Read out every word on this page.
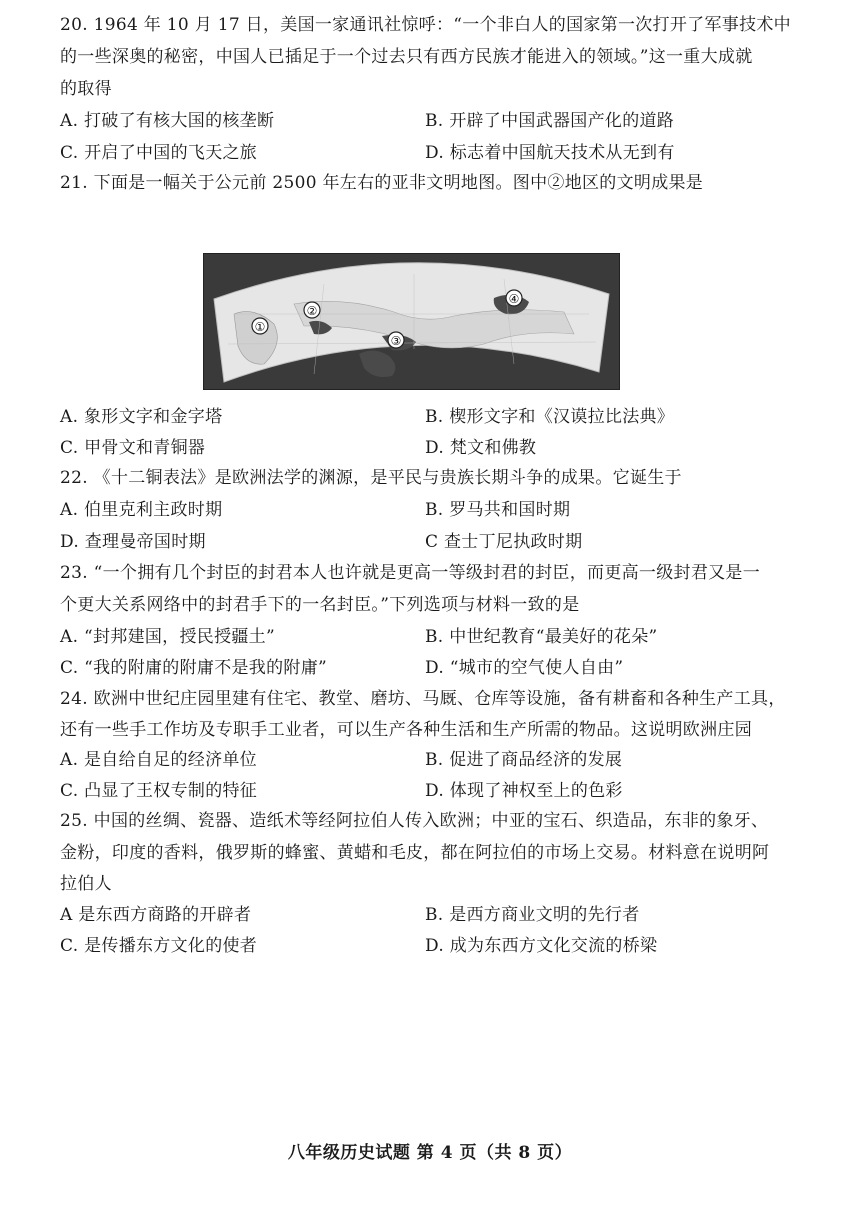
20. 1964 年 10 月 17 日，美国一家通讯社惊呼：“一个非白人的国家第一次打开了军事技术中
的一些深奥的秘密，中国人已插足于一个过去只有西方民族才能进入的领域。”这一重大成就
的取得
A. 打破了有核大国的核垄断	B. 开辟了中国武器国产化的道路
C. 开启了中国的飞天之旅	D. 标志着中国航天技术从无到有
21. 下面是一幅关于公元前 2500 年左右的亚非文明地图。图中②地区的文明成果是
①
②
③
④
A. 象形文字和金字塔	B. 楔形文字和《汉谟拉比法典》
C. 甲骨文和青铜器	D. 梵文和佛教
22. 《十二铜表法》是欧洲法学的渊源，是平民与贵族长期斗争的成果。它诞生于
A. 伯里克利主政时期	B. 罗马共和国时期
D. 查理曼帝国时期	C 查士丁尼执政时期
23. “一个拥有几个封臣的封君本人也许就是更高一等级封君的封臣，而更高一级封君又是一
个更大关系网络中的封君手下的一名封臣。”下列选项与材料一致的是
A. “封邦建国，授民授疆土”	B. 中世纪教育“最美好的花朵”
C. “我的附庸的附庸不是我的附庸”	D. “城市的空气使人自由”
24. 欧洲中世纪庄园里建有住宅、教堂、磨坊、马厩、仓库等设施，备有耕畜和各种生产工具，
还有一些手工作坊及专职手工业者，可以生产各种生活和生产所需的物品。这说明欧洲庄园
A. 是自给自足的经济单位	B. 促进了商品经济的发展
C. 凸显了王权专制的特征	D. 体现了神权至上的色彩
25. 中国的丝绸、瓷器、造纸术等经阿拉伯人传入欧洲；中亚的宝石、织造品，东非的象牙、
金粉，印度的香料，俄罗斯的蜂蜜、黄蜡和毛皮，都在阿拉伯的市场上交易。材料意在说明阿
拉伯人
A 是东西方商路的开辟者	B. 是西方商业文明的先行者
C. 是传播东方文化的使者	D. 成为东西方文化交流的桥梁
八年级历史试题 第 4 页（共 8 页）
